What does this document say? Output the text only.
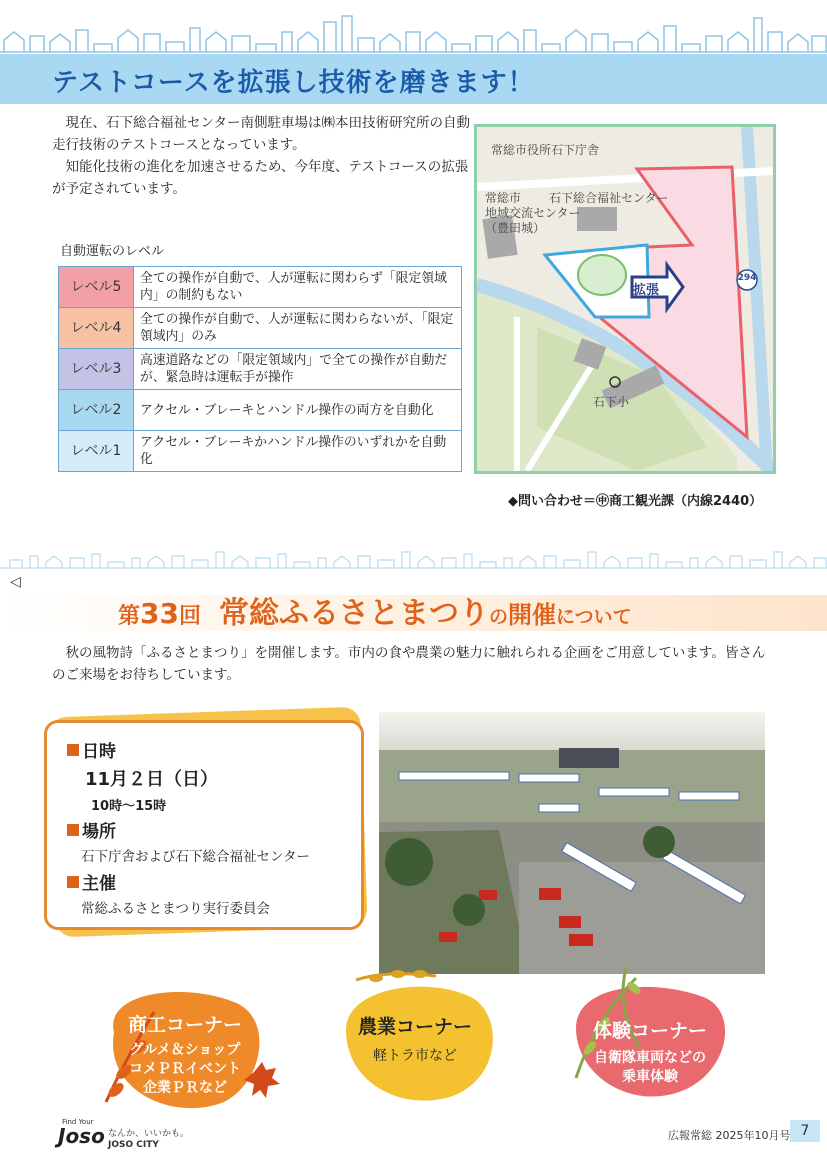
テストコースを拡張し技術を磨きます！
　現在、石下総合福祉センター南側駐車場は㈱本田技術研究所の自動走行技術のテストコースとなっています。
　知能化技術の進化を加速させるため、今年度、テストコースの拡張が予定されています。
自動運転のレベル
レベル5	全ての操作が自動で、人が運転に関わらず「限定領域内」の制約もない
レベル4	全ての操作が自動で、人が運転に関わらないが、「限定領域内」のみ
レベル3	高速道路などの「限定領域内」で全ての操作が自動だが、緊急時は運転手が操作
レベル2	アクセル・ブレーキとハンドル操作の両方を自動化
レベル1	アクセル・ブレーキかハンドル操作のいずれかを自動化
常総市役所石下庁舎
石下総合福祉センター
常総市
地域交流センター
（豊田城）
拡張
294
石下小
◆問い合わせ＝㊥商工観光課（内線2440）
◁
第33回 常総ふるさとまつりの開催について
　秋の風物詩「ふるさとまつり」を開催します。市内の食や農業の魅力に触れられる企画をご用意しています。皆さんのご来場をお待ちしています。
日時
11月２日（日）
10時～15時
場所
石下庁舎および石下総合福祉センター
主催
常総ふるさとまつり実行委員会
商工コーナー
グルメ＆ショップ
コメＰＲイベント
企業ＰＲなど
農業コーナー
軽トラ市など
体験コーナー
自衛隊車両などの
乗車体験
Find Your
Joso なんか、いいかも。
JOSO CITY
広報常総 2025年10月号 7
